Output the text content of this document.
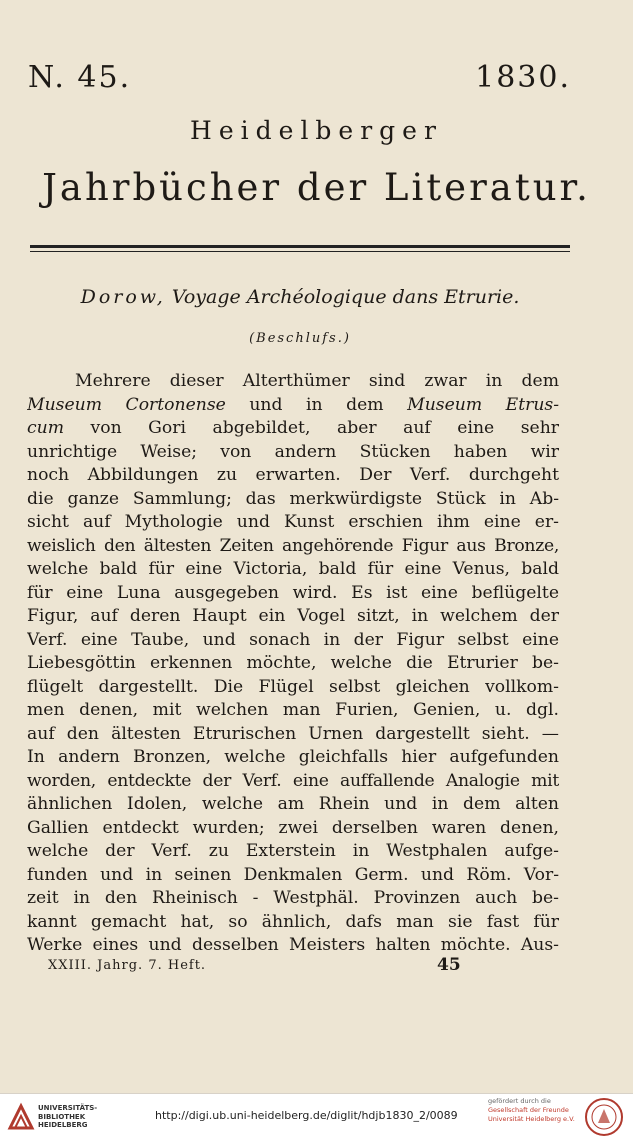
N. 45.	1830.
Heidelberger
Jahrbücher der Literatur.
Dorow, Voyage Archéologique dans Etrurie.
(Beschlufs.)
Mehrere dieser Alterthümer sind zwar in dem
Museum Cortonense und in dem Museum Etrus-
cum von Gori abgebildet, aber auf eine sehr
unrichtige Weise; von andern Stücken haben wir
noch Abbildungen zu erwarten. Der Verf. durchgeht
die ganze Sammlung; das merkwürdigste Stück in Ab-
sicht auf Mythologie und Kunst erschien ihm eine er-
weislich den ältesten Zeiten angehörende Figur aus Bronze,
welche bald für eine Victoria, bald für eine Venus, bald
für eine Luna ausgegeben wird. Es ist eine beflügelte
Figur, auf deren Haupt ein Vogel sitzt, in welchem der
Verf. eine Taube, und sonach in der Figur selbst eine
Liebesgöttin erkennen möchte, welche die Etrurier be-
flügelt dargestellt. Die Flügel selbst gleichen vollkom-
men denen, mit welchen man Furien, Genien, u. dgl.
auf den ältesten Etrurischen Urnen dargestellt sieht. —
In andern Bronzen, welche gleichfalls hier aufgefunden
worden, entdeckte der Verf. eine auffallende Analogie mit
ähnlichen Idolen, welche am Rhein und in dem alten
Gallien entdeckt wurden; zwei derselben waren denen,
welche der Verf. zu Exterstein in Westphalen aufge-
funden und in seinen Denkmalen Germ. und Röm. Vor-
zeit in den Rheinisch - Westphäl. Provinzen auch be-
kannt gemacht hat, so ähnlich, dafs man sie fast für
Werke eines und desselben Meisters halten möchte. Aus-
XXIII. Jahrg. 7. Heft.	45
UNIVERSITÄTS-
BIBLIOTHEK
HEIDELBERG
http://digi.ub.uni-heidelberg.de/diglit/hdjb1830_2/0089
gefördert durch die
Gesellschaft der Freunde
Universität Heidelberg e.V.
